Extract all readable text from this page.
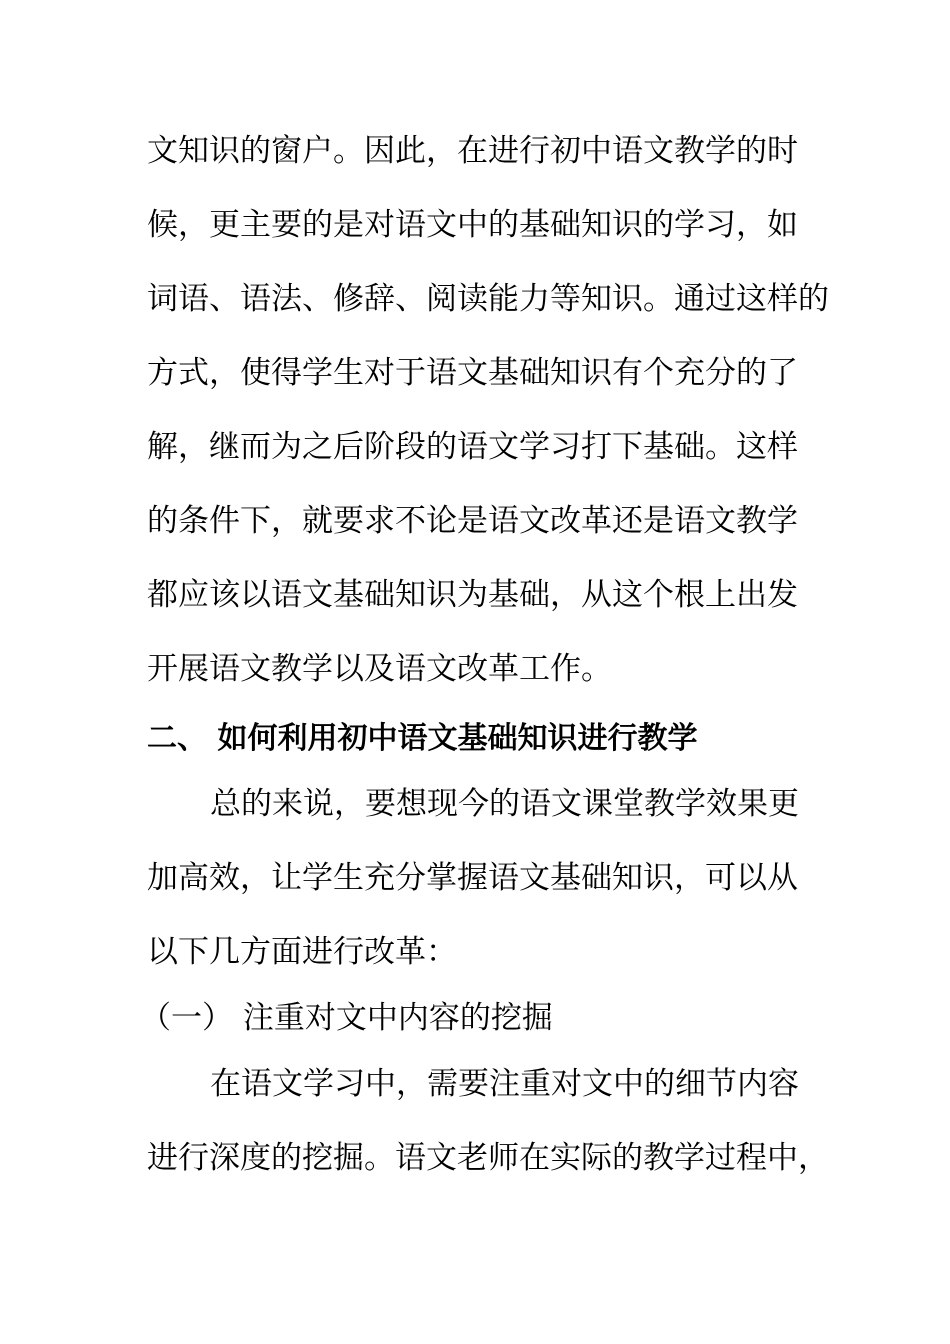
文知识的窗户。因此，在进行初中语文教学的时
候，更主要的是对语文中的基础知识的学习，如
词语、语法、修辞、阅读能力等知识。通过这样的
方式，使得学生对于语文基础知识有个充分的了
解，继而为之后阶段的语文学习打下基础。这样
的条件下，就要求不论是语文改革还是语文教学
都应该以语文基础知识为基础，从这个根上出发
开展语文教学以及语文改革工作。
二、 如何利用初中语文基础知识进行教学
总的来说，要想现今的语文课堂教学效果更
加高效，让学生充分掌握语文基础知识，可以从
以下几方面进行改革：
（一） 注重对文中内容的挖掘
在语文学习中，需要注重对文中的细节内容
进行深度的挖掘。语文老师在实际的教学过程中，
